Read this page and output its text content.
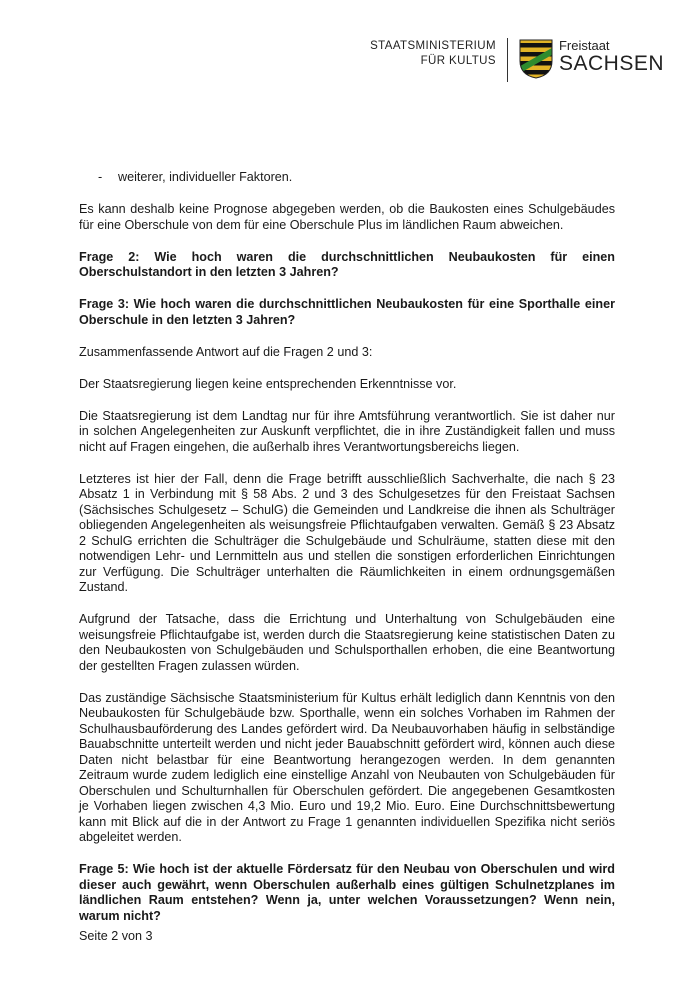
STAATSMINISTERIUM
FÜR KULTUS
Freistaat
SACHSEN
-	weiterer, individueller Faktoren.

Es kann deshalb keine Prognose abgegeben werden, ob die Baukosten eines Schulgebäudes für eine Oberschule von dem für eine Oberschule Plus im ländlichen Raum abweichen.

Frage 2: Wie hoch waren die durchschnittlichen Neubaukosten für einen Oberschulstandort in den letzten 3 Jahren?

Frage 3: Wie hoch waren die durchschnittlichen Neubaukosten für eine Sporthalle einer Oberschule in den letzten 3 Jahren?

Zusammenfassende Antwort auf die Fragen 2 und 3:

Der Staatsregierung liegen keine entsprechenden Erkenntnisse vor.

Die Staatsregierung ist dem Landtag nur für ihre Amtsführung verantwortlich. Sie ist daher nur in solchen Angelegenheiten zur Auskunft verpflichtet, die in ihre Zuständigkeit fallen und muss nicht auf Fragen eingehen, die außerhalb ihres Verantwortungsbereichs liegen.

Letzteres ist hier der Fall, denn die Frage betrifft ausschließlich Sachverhalte, die nach § 23 Absatz 1 in Verbindung mit § 58 Abs. 2 und 3 des Schulgesetzes für den Freistaat Sachsen (Sächsisches Schulgesetz – SchulG) die Gemeinden und Landkreise die ihnen als Schulträger obliegenden Angelegenheiten als weisungsfreie Pflichtaufgaben verwalten. Gemäß § 23 Absatz 2 SchulG errichten die Schulträger die Schulgebäude und Schulräume, statten diese mit den notwendigen Lehr- und Lernmitteln aus und stellen die sonstigen erforderlichen Einrichtungen zur Verfügung. Die Schulträger unterhalten die Räumlichkeiten in einem ordnungsgemäßen Zustand.

Aufgrund der Tatsache, dass die Errichtung und Unterhaltung von Schulgebäuden eine weisungsfreie Pflichtaufgabe ist, werden durch die Staatsregierung keine statistischen Daten zu den Neubaukosten von Schulgebäuden und Schulsporthallen erhoben, die eine Beantwortung der gestellten Fragen zulassen würden.

Das zuständige Sächsische Staatsministerium für Kultus erhält lediglich dann Kenntnis von den Neubaukosten für Schulgebäude bzw. Sporthalle, wenn ein solches Vorhaben im Rahmen der Schulhausbauförderung des Landes gefördert wird. Da Neubauvorhaben häufig in selbständige Bauabschnitte unterteilt werden und nicht jeder Bauabschnitt gefördert wird, können auch diese Daten nicht belastbar für eine Beantwortung herangezogen werden. In dem genannten Zeitraum wurde zudem lediglich eine einstellige Anzahl von Neubauten von Schulgebäuden für Oberschulen und Schulturnhallen für Oberschulen gefördert. Die angegebenen Gesamtkosten je Vorhaben liegen zwischen 4,3 Mio. Euro und 19,2 Mio. Euro. Eine Durchschnittsbewertung kann mit Blick auf die in der Antwort zu Frage 1 genannten individuellen Spezifika nicht seriös abgeleitet werden.

Frage 5: Wie hoch ist der aktuelle Fördersatz für den Neubau von Oberschulen und wird dieser auch gewährt, wenn Oberschulen außerhalb eines gültigen Schulnetzplanes im ländlichen Raum entstehen? Wenn ja, unter welchen Voraussetzungen? Wenn nein, warum nicht?

Seite 2 von 3
